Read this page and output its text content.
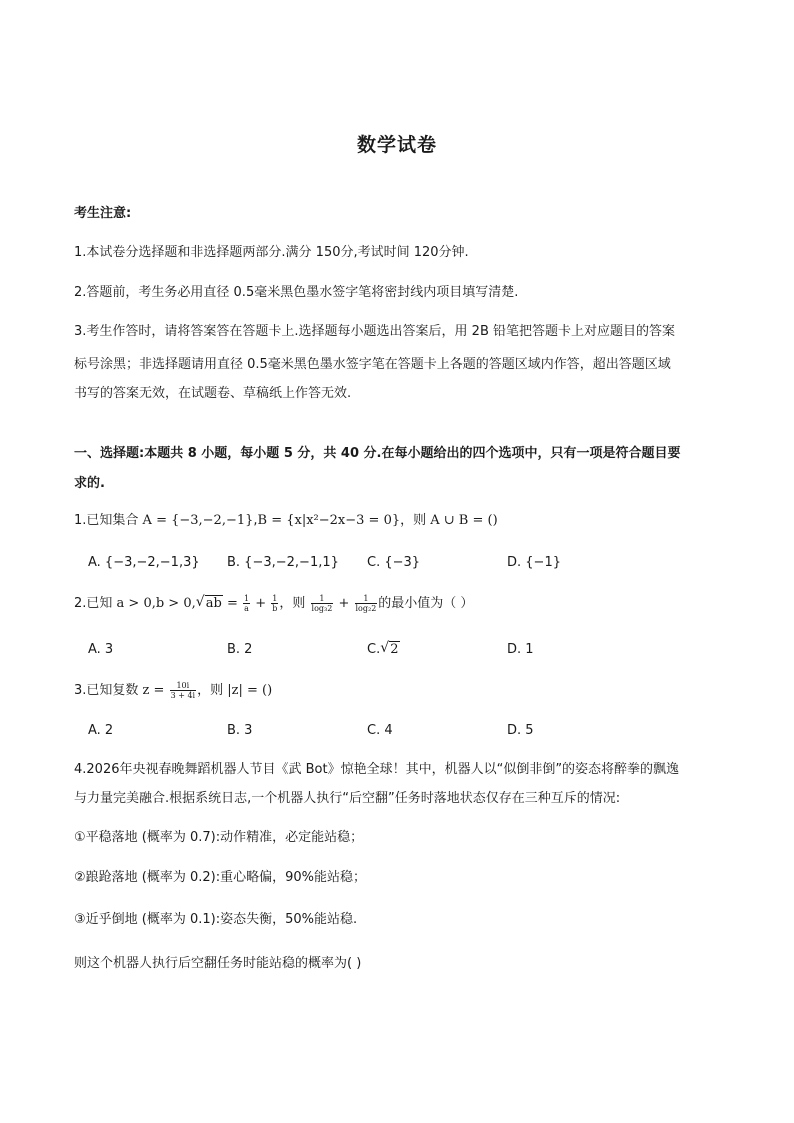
数学试卷
考生注意:
1.本试卷分选择题和非选择题两部分.满分 150分,考试时间 120分钟.
2.答题前，考生务必用直径 0.5毫米黑色墨水签字笔将密封线内项目填写清楚.
3.考生作答时，请将答案答在答题卡上.选择题每小题选出答案后，用 2B 铅笔把答题卡上对应题目的答案
标号涂黑；非选择题请用直径 0.5毫米黑色墨水签字笔在答题卡上各题的答题区域内作答，超出答题区域
书写的答案无效，在试题卷、草稿纸上作答无效.
一、选择题:本题共 8 小题，每小题 5 分，共 40 分.在每小题给出的四个选项中，只有一项是符合题目要
求的.
1.已知集合 A = {−3,−2,−1},B = {x|x²−2x−3 = 0}，则 A ∪ B = ()
A. {−3,−2,−1,3} B. {−3,−2,−1,1} C. {−3}	D. {−1}
2.已知 a > 0,b > 0, √ ab = $\frac{1}{a} + \frac{1}{b}$ ，则 $\frac{1}{\text{log₃2}} + \frac{1}{\text{log₂2}}$ 的最小值为（ ）
A. 3	B. 2	C. √ 2	D. 1
3.已知复数 $z = \frac{10i}{3 + 4i}$ ，则 |z| = ()
A. 2	B. 3	C. 4	D. 5
4.2026年央视春晚舞蹈机器人节目《武 Bot》惊艳全球！其中，机器人以“似倒非倒”的姿态将醉拳的飘逸
与力量完美融合.根据系统日志,一个机器人执行“后空翻”任务时落地状态仅存在三种互斥的情况:
①平稳落地 (概率为 0.7):动作精准，必定能站稳；
②踉跄落地 (概率为 0.2):重心略偏，90%能站稳；
③近乎倒地 (概率为 0.1):姿态失衡，50%能站稳.
则这个机器人执行后空翻任务时能站稳的概率为( )
